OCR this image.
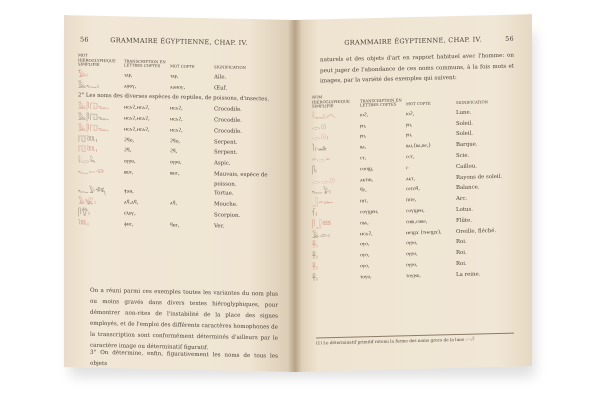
56	GRAMMAIRE ÉGYPTIENNE, CHAP. IV.
MOT HIÉROGLYPHIQUE SIMPLIFIÉ	TRANSCRIPTION EN LETTRES COPTES	MOT COPTE	SIGNIFICATION
𓅃𓏤	ⲧⲁⲣ,	ⲧⲁⲣ,	Aile.
𓅓𓆑𓏤	ⲁⲫⲟⲩ,	ⲁⲁⲛⲟⲩ,	Œuf.
2° Les noms des diverses espèces de reptiles, de poissons, d'insectes.			
𓅓𓋴𓉔𓆊	ⲙⲥⲁϩ,ⲙⲥⲁϩ,	ⲙⲥⲁϩ,	Crocodile.
𓅓𓋴𓉔𓆊	ⲙⲥⲁϩ,ⲙⲥⲁϩ,	ⲙⲥⲁϩ,	Crocodile.
𓅓𓋴𓉔𓆊	ⲙⲥⲁϩ,ⲙⲥⲁϩ,	ⲙⲥⲁϩ,	Crocodile.
𓉔𓆙𓏤	ϩϥⲟ,	ϩϥⲟ,	Serpent.
𓉔𓆙𓏤	ϩϥ,	ϩϥ,	Serpent.
𓇋𓂋𓆗	ⲟⲩⲣⲟ,	ⲟⲩⲣⲟ,	Aspic.
𓆑𓍿𓆛	ⲃⲱⲧ,	ⲃⲱⲧ,	Mauvais, espèce de poisson.
𓆑𓅱𓆈	ⲯⲁⲛ,		Tortue.
𓄿𓆤𓏤	ⲁϥ,ⲁϥ,	ⲁϥ,	Mouche.
𓋴𓆫𓏤	ⲥⲗⲟⲩ,		Scorpion.
𓆙𓏤	ⲫⲛⲧ,	ϥⲛⲧ,	Ver.
On a réuni parmi ces exemples toutes les variantes du nom plus ou moins gravés dans divers textes hiéroglyphiques, pour démontrer non-rites de l'instabilité de la place des signes employés, et de l'emploi des différents caractères homophones de la transcription sont conformément déterminés d'ailleurs par le caractère image ou déterminatif figuratif.
3° On détermine, enfin, figurativement les noms de tous les objets
GRAMMAIRE ÉGYPTIENNE, CHAP. IV.	56
naturels et des objets d'art en rapport habituel avec l'homme: on peut juger de l'abondance de ces noms communs, à la fois mots et images, par la variété des exemples qui suivent:
NOM HIÉROGLYPHIQUE SIMPLIFIÉ	TRANSCRIPTION EN LETTRES COPTES	MOT COPTE	SIGNIFICATION
𓇋𓂝𓇹	ⲓⲟϩ,	ⲓⲟϩ,	Lune.
𓂋𓇳	ⲣⲏ,	ⲣⲏ,	Soleil.
𓂋𓇳𓏤	ⲣⲏ,	ⲣⲏ,	Soleil.
𓌙𓏤𓊛	ⲃⲁ,	ⲃⲁⲓ,(ⲃⲁ,ⲃⲉ,)	Barque.
𓏏𓂋𓏏	ⲥⲧ,	ⲥⲥⲧ,	Scie.
𓋴𓏤	ⲥⲟⲟϣ,	ⲥ	Caillou.
𓂋𓂋𓇳	ⲁⲕⲧⲓⲛ,	ⲁⲕⲧ,	Rayons de soleil.
𓆑𓅱𓏤	ϥⲧ,	ⲥⲉⲧⲟϥ,	Balance.
𓃀𓏏𓆱	ⲡⲓⲧ,	ⲡⲓⲧⲉ,	Arc.
𓆳𓏤	ⲥⲟⲩϣⲉⲛ,	ⲥⲟⲩϣⲉⲛ,	Lotus.
𓋴𓃀𓆷	ⲥⲃⲁ,	ⲥⲏⲃⲓ,ⲥⲏⲃⲉ,	Flûte.
𓄿𓁹𓏤	ⲙⲥⲁϩ,	ⲙⲉϣϫ (ⲧⲙⲉϣϫ),	Oreille, fléché.
𓋹𓏤	ⲟⲩⲟ,	ⲟⲩⲣⲟ,	Roi.
𓋹𓏤	ⲟⲩⲟ,	ⲟⲩⲣⲟ,	Roi.
𓋹𓏤	ⲟⲩⲟ,	ⲟⲩⲣⲟ,	Roi.
𓋹𓏤	ⲧⲟⲩⲟ,	ⲧⲟⲩⲣⲱ,	La reine.
(1) Le déterminatif primitif retenu la forme des noms grecs de la lune 𓇹𓏤𓋹
